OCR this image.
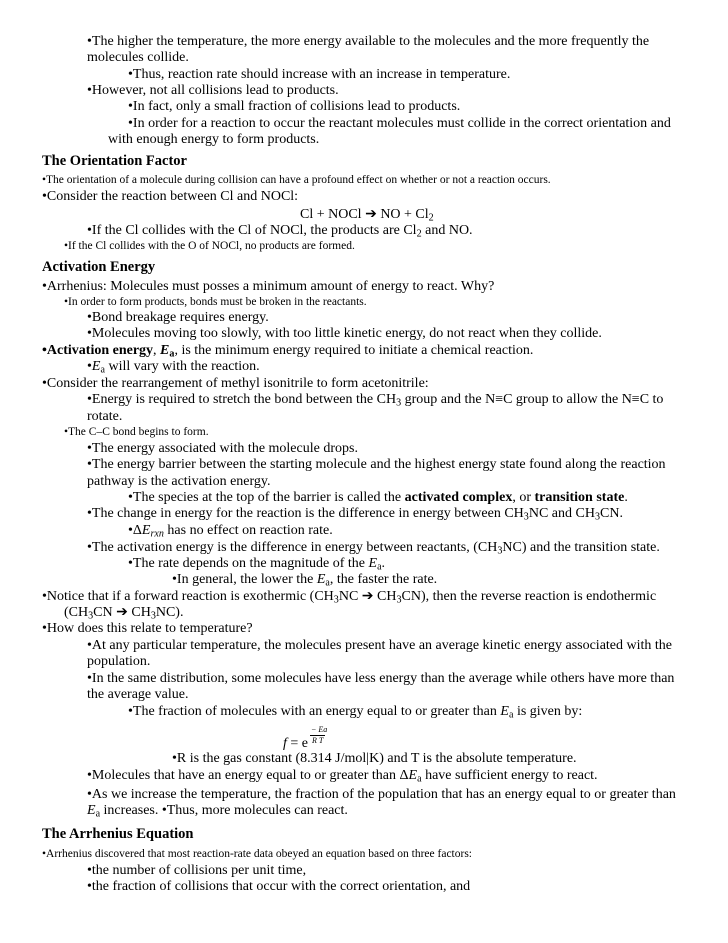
•The higher the temperature, the more energy available to the molecules and the more frequently the
molecules collide.
•Thus, reaction rate should increase with an increase in temperature.
•However, not all collisions lead to products.
•In fact, only a small fraction of collisions lead to products.
•In order for a reaction to occur the reactant molecules must collide in the correct orientation and
with enough energy to form products.
The Orientation Factor
•The orientation of a molecule during collision can have a profound effect on whether or not a reaction occurs.
•Consider the reaction between Cl and NOCl:
Cl + NOCl ➔ NO + $Cl_2$
•If the Cl collides with the Cl of NOCl, the products are $Cl_2$ and NO.
•If the Cl collides with the O of NOCl, no products are formed.
Activation Energy
•Arrhenius: Molecules must posses a minimum amount of energy to react. Why?
•In order to form products, bonds must be broken in the reactants.
•Bond breakage requires energy.
•Molecules moving too slowly, with too little kinetic energy, do not react when they collide.
•Activation energy, $E_a$, is the minimum energy required to initiate a chemical reaction.
$•E_a$ will vary with the reaction.
•Consider the rearrangement of methyl isonitrile to form acetonitrile:
•Energy is required to stretch the bond between the $CH_3$ group and the N≡C group to allow the N≡C to
rotate.
•The C–C bond begins to form.
•The energy associated with the molecule drops.
•The energy barrier between the starting molecule and the highest energy state found along the reaction
pathway is the activation energy.
•The species at the top of the barrier is called the activated complex, or transition state.
•The change in energy for the reaction is the difference in energy between $CH_3NC$ and $CH_3CN$.
$•\Delta E_{rxn}$ has no effect on reaction rate.
•The activation energy is the difference in energy between reactants, $(CH_3NC)$ and the transition state.
•The rate depends on the magnitude of the $E_a$.
•In general, the lower the $E_a$, the faster the rate.
•Notice that if a forward reaction is exothermic ($CH_3NC$ ➔ $CH_3CN$), then the reverse reaction is endothermic
($CH_3CN$ ➔ $CH_3NC$).
•How does this relate to temperature?
•At any particular temperature, the molecules present have an average kinetic energy associated with the
population.
•In the same distribution, some molecules have less energy than the average while others have more than
the average value.
•The fraction of molecules with an energy equal to or greater than $E_a$ is given by:
f = e
− Ea
R T
•R is the gas constant (8.314 J/mol|K) and T is the absolute temperature.
•Molecules that have an energy equal to or greater than $\Delta E_a$ have sufficient energy to react.
•As we increase the temperature, the fraction of the population that has an energy equal to or greater than
$E_a$ increases. •Thus, more molecules can react.
The Arrhenius Equation
•Arrhenius discovered that most reaction-rate data obeyed an equation based on three factors:
•the number of collisions per unit time,
•the fraction of collisions that occur with the correct orientation, and
